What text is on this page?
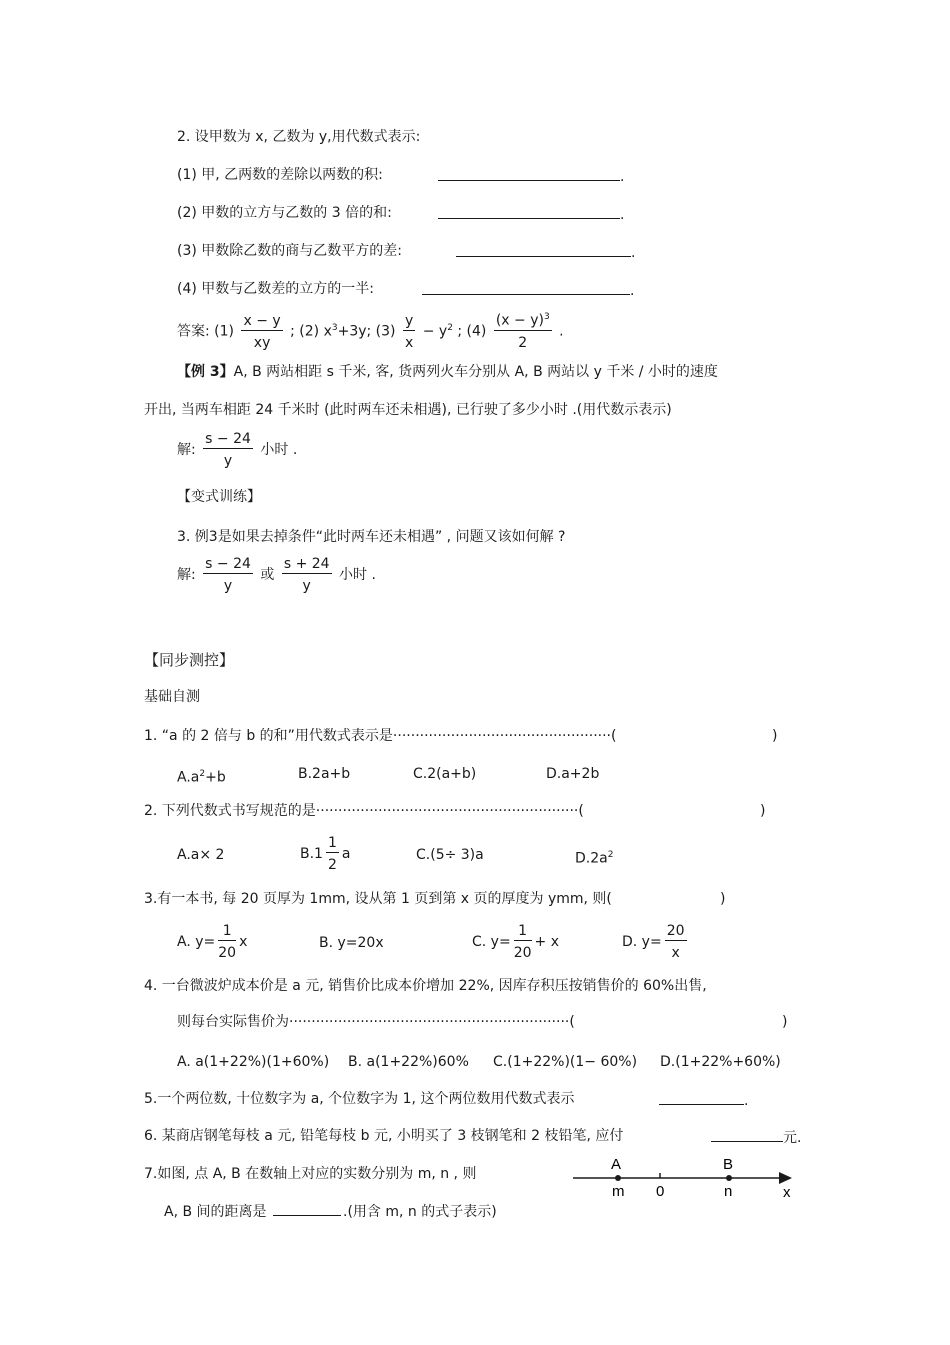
2. 设甲数为 x, 乙数为 y,用代数式表示:
(1) 甲, 乙两数的差除以两数的积:	.
(2) 甲数的立方与乙数的 3 倍的和:	.
(3) 甲数除乙数的商与乙数平方的差:	.
(4) 甲数与乙数差的立方的一半:	.
答案: $(1) \frac{x - y}{xy}$ ; (2) $x^3+3y$; $(3) \frac{y}{x} - y^2$ ; $(4) \frac{(x - y)^3}{2}$ .
【例 3】A, B 两站相距 s 千米, 客, 货两列火车分别从 A, B 两站以 y 千米 / 小时的速度
开出, 当两车相距 24 千米时 (此时两车还未相遇), 已行驶了多少小时 .(用代数示表示)
解: $\frac{s - 24}{y}$ 小时 .
【变式训练】
3. 例3是如果去掉条件“此时两车还未相遇” , 问题又该如何解 ?
解: $\frac{s - 24}{y}$ 或 $\frac{s + 24}{y}$ 小时 .
【同步测控】
基础自测
1. “a 的 2 倍与 b 的和”用代数式表示是·················································(	)
$A.a^2+b$	B.2a+b	C.2(a+b)	D.a+2b
2. 下列代数式书写规范的是···························································(	)
A.a× 2	$B.1 \frac{1}{2}$ a	C.(5÷ 3)a	$D.2a^2$
3.有一本书, 每 20 页厚为 1mm, 设从第 1 页到第 x 页的厚度为 ymm, 则(	)
A. $y= \frac{1}{20}$ x	B. y=20x	C. $y= \frac{1}{20} + x$	D. $y= \frac{20}{x}$
4. 一台微波炉成本价是 a 元, 销售价比成本价增加 22%, 因库存积压按销售价的 60%出售,
则每台实际售价为·······························································(	)
A. a(1+22%)(1+60%) B. a(1+22%)60% C.(1+22%)(1− 60%) D.(1+22%+60%)
5.一个两位数, 十位数字为 a, 个位数字为 1, 这个两位数用代数式表示	.
6. 某商店钢笔每枝 a 元, 铅笔每枝 b 元, 小明买了 3 枝钢笔和 2 枝铅笔, 应付	元.
7.如图, 点 A, B 在数轴上对应的实数分别为 m, n , 则
A, B 间的距离是	.(用含 m, n 的式子表示)
A	B
m 0	n	x
